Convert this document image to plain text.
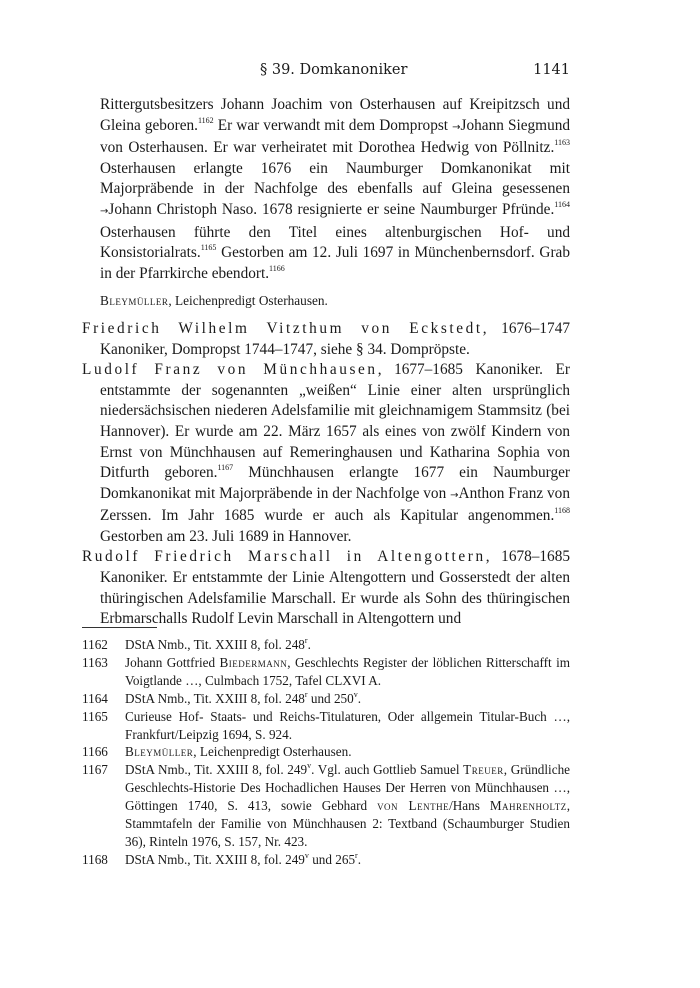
§ 39. Domkanoniker	1141

Rittergutsbesitzers Johann Joachim von Osterhausen auf Kreipitzsch und Gleina geboren.$^{1162}$ Er war verwandt mit dem Dompropst →Johann Siegmund von Osterhausen. Er war verheiratet mit Dorothea Hedwig von Pöllnitz.$^{1163}$ Osterhausen erlangte 1676 ein Naumburger Domkanonikat mit Majorpräbende in der Nachfolge des ebenfalls auf Gleina gesessenen →Johann Christoph Naso. 1678 resignierte er seine Naumburger Pfründe.$^{1164}$ Osterhausen führte den Titel eines altenburgischen Hof- und Konsistorialrats.$^{1165}$ Gestorben am 12. Juli 1697 in Münchenbernsdorf. Grab in der Pfarrkirche ebendort.$^{1166}$

Bleymüller, Leichenpredigt Osterhausen.

Friedrich Wilhelm Vitzthum von Eckstedt, 1676–1747 Kanoniker, Dompropst 1744–1747, siehe § 34. Dompröpste.

Ludolf Franz von Münchhausen, 1677–1685 Kanoniker. Er entstammte der sogenannten „weißen“ Linie einer alten ursprünglich niedersächsischen niederen Adelsfamilie mit gleichnamigem Stammsitz (bei Hannover). Er wurde am 22. März 1657 als eines von zwölf Kindern von Ernst von Münchhausen auf Remeringhausen und Katharina Sophia von Ditfurth geboren.$^{1167}$ Münchhausen erlangte 1677 ein Naumburger Domkanonikat mit Majorpräbende in der Nachfolge von →Anthon Franz von Zerssen. Im Jahr 1685 wurde er auch als Kapitular angenommen.$^{1168}$ Gestorben am 23. Juli 1689 in Hannover.

Rudolf Friedrich Marschall in Altengottern, 1678–1685 Kanoniker. Er entstammte der Linie Altengottern und Gosserstedt der alten thüringischen Adelsfamilie Marschall. Er wurde als Sohn des thüringischen Erbmarschalls Rudolf Levin Marschall in Altengottern und

1162 DStA Nmb., Tit. XXIII 8, fol. 248$^r$.
1163 Johann Gottfried Biedermann, Geschlechts Register der löblichen Ritterschafft im Voigtlande …, Culmbach 1752, Tafel CLXVI A.
1164 DStA Nmb., Tit. XXIII 8, fol. 248$^r$ und 250$^v$.
1165 Curieuse Hof- Staats- und Reichs-Titulaturen, Oder allgemein Titular-Buch …, Frankfurt/Leipzig 1694, S. 924.
1166 Bleymüller, Leichenpredigt Osterhausen.
1167 DStA Nmb., Tit. XXIII 8, fol. 249$^v$. Vgl. auch Gottlieb Samuel Treuer, Gründliche Geschlechts-Historie Des Hochadlichen Hauses Der Herren von Münchhausen …, Göttingen 1740, S. 413, sowie Gebhard von Lenthe/Hans Mahrenholtz, Stammtafeln der Familie von Münchhausen 2: Textband (Schaumburger Studien 36), Rinteln 1976, S. 157, Nr. 423.
1168 DStA Nmb., Tit. XXIII 8, fol. 249$^v$ und 265$^r$.
